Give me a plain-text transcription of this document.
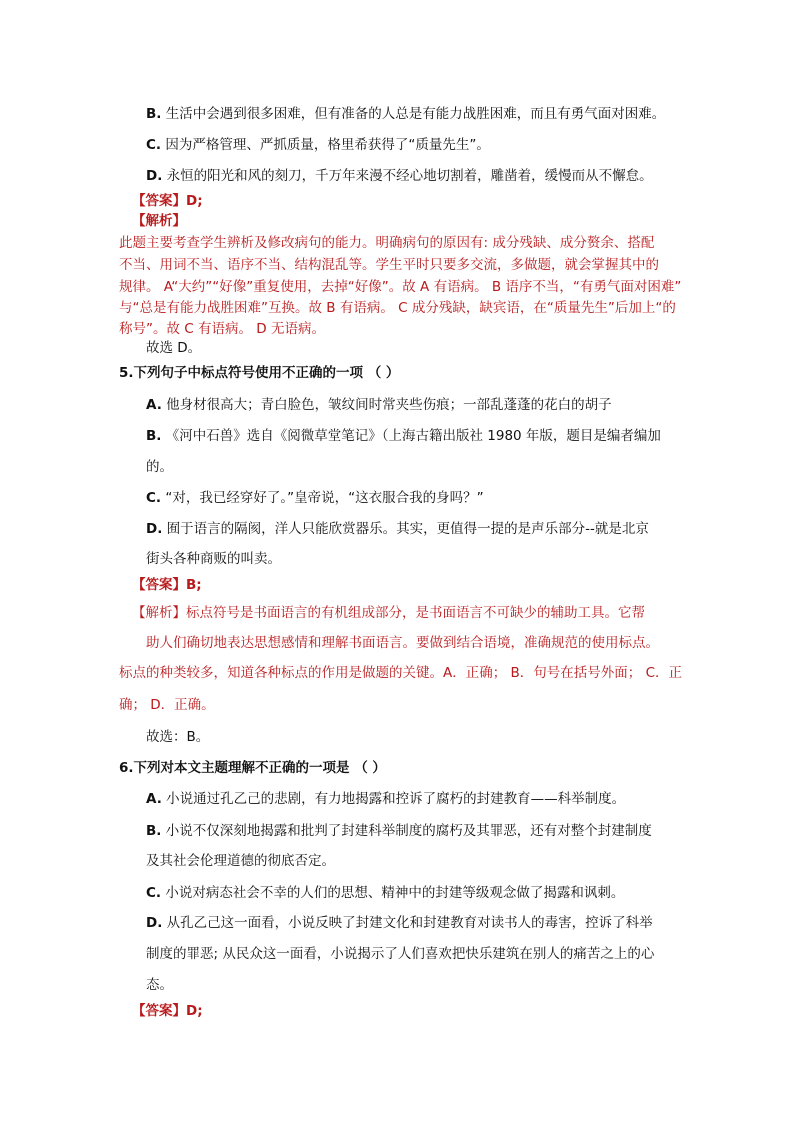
B. 生活中会遇到很多困难，但有准备的人总是有能力战胜困难，而且有勇气面对困难。
C. 因为严格管理、严抓质量，格里希获得了“质量先生”。
D. 永恒的阳光和风的刻刀，千万年来漫不经心地切割着，雕凿着，缓慢而从不懈怠。
【答案】D;
【解析】
此题主要考查学生辨析及修改病句的能力。明确病句的原因有: 成分残缺、成分赘余、搭配
不当、用词不当、语序不当、结构混乱等。学生平时只要多交流，多做题，就会掌握其中的
规律。 A“大约”“好像”重复使用，去掉“好像”。故 A 有语病。 B 语序不当，“有勇气面对困难”
与“总是有能力战胜困难”互换。故 B 有语病。 C 成分残缺，缺宾语，在“质量先生”后加上“的
称号”。故 C 有语病。 D 无语病。
故选 D。
5.下列句子中标点符号使用不正确的一项 （ ）
A. 他身材很高大；青白脸色，皱纹间时常夹些伤痕；一部乱蓬蓬的花白的胡子
B. 《河中石兽》选自《阅微草堂笔记》（上海古籍出版社 1980 年版，题目是编者编加
的。
C. “对，我已经穿好了。”皇帝说，“这衣服合我的身吗？”
D. 囿于语言的隔阂，洋人只能欣赏器乐。其实，更值得一提的是声乐部分--就是北京
街头各种商贩的叫卖。
【答案】B;
【解析】标点符号是书面语言的有机组成部分，是书面语言不可缺少的辅助工具。它帮
助人们确切地表达思想感情和理解书面语言。要做到结合语境，准确规范的使用标点。
标点的种类较多，知道各种标点的作用是做题的关键。A．正确； B．句号在括号外面； C．正
确； D．正确。
故选：B。
6.下列对本文主题理解不正确的一项是 （ ）
A. 小说通过孔乙己的悲剧，有力地揭露和控诉了腐朽的封建教育——科举制度。
B. 小说不仅深刻地揭露和批判了封建科举制度的腐朽及其罪恶，还有对整个封建制度
及其社会伦理道德的彻底否定。
C. 小说对病态社会不幸的人们的思想、精神中的封建等级观念做了揭露和讽刺。
D. 从孔乙己这一面看，小说反映了封建文化和封建教育对读书人的毒害，控诉了科举
制度的罪恶; 从民众这一面看，小说揭示了人们喜欢把快乐建筑在别人的痛苦之上的心
态。
【答案】D;
